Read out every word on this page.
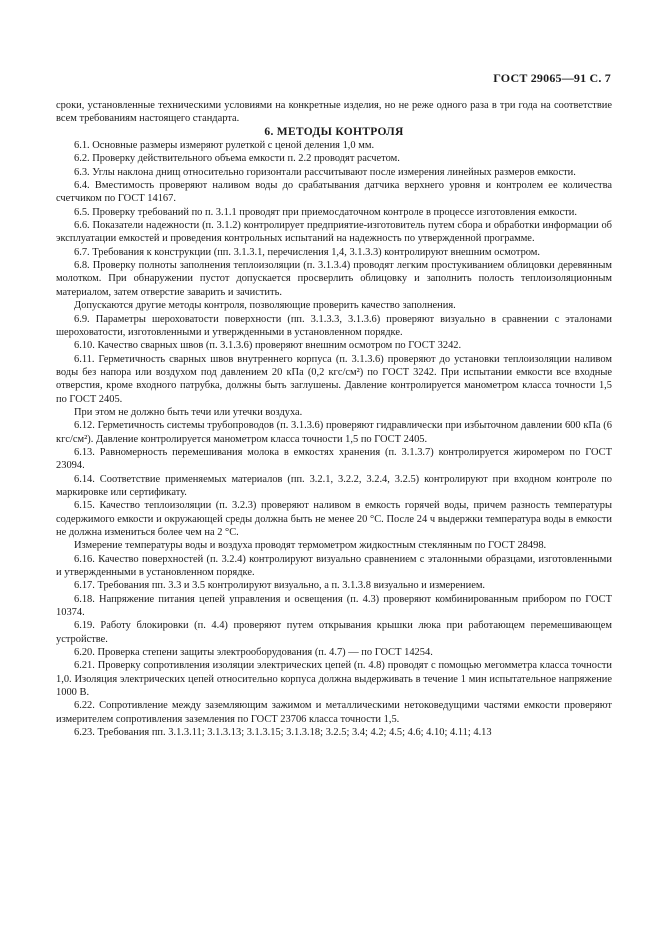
ГОСТ 29065—91 С. 7

сроки, установленные техническими условиями на конкретные изделия, но не реже одного раза в три года на соответствие всем требованиям настоящего стандарта.

6. МЕТОДЫ КОНТРОЛЯ

6.1. Основные размеры измеряют рулеткой с ценой деления 1,0 мм.

6.2. Проверку действительного объема емкости п. 2.2 проводят расчетом.

6.3. Углы наклона днищ относительно горизонтали рассчитывают после измерения линейных размеров емкости.

6.4. Вместимость проверяют наливом воды до срабатывания датчика верхнего уровня и контролем ее количества счетчиком по ГОСТ 14167.

6.5. Проверку требований по п. 3.1.1 проводят при приемосдаточном контроле в процессе изготовления емкости.

6.6. Показатели надежности (п. 3.1.2) контролирует предприятие-изготовитель путем сбора и обработки информации об эксплуатации емкостей и проведения контрольных испытаний на надежность по утвержденной программе.

6.7. Требования к конструкции (пп. 3.1.3.1, перечисления 1,4, 3.1.3.3) контролируют внешним осмотром.

6.8. Проверку полноты заполнения теплоизоляции (п. 3.1.3.4) проводят легким простукиванием облицовки деревянным молотком. При обнаружении пустот допускается просверлить облицовку и заполнить полость теплоизоляционным материалом, затем отверстие заварить и зачистить.

Допускаются другие методы контроля, позволяющие проверить качество заполнения.

6.9. Параметры шероховатости поверхности (пп. 3.1.3.3, 3.1.3.6) проверяют визуально в сравнении с эталонами шероховатости, изготовленными и утвержденными в установленном порядке.

6.10. Качество сварных швов (п. 3.1.3.6) проверяют внешним осмотром по ГОСТ 3242.

6.11. Герметичность сварных швов внутреннего корпуса (п. 3.1.3.6) проверяют до установки теплоизоляции наливом воды без напора или воздухом под давлением 20 кПа (0,2 кгс/см²) по ГОСТ 3242. При испытании емкости все входные отверстия, кроме входного патрубка, должны быть заглушены. Давление контролируется манометром класса точности 1,5 по ГОСТ 2405.

При этом не должно быть течи или утечки воздуха.

6.12. Герметичность системы трубопроводов (п. 3.1.3.6) проверяют гидравлически при избыточном давлении 600 кПа (6 кгс/см²). Давление контролируется манометром класса точности 1,5 по ГОСТ 2405.

6.13. Равномерность перемешивания молока в емкостях хранения (п. 3.1.3.7) контролируется жиромером по ГОСТ 23094.

6.14. Соответствие применяемых материалов (пп. 3.2.1, 3.2.2, 3.2.4, 3.2.5) контролируют при входном контроле по маркировке или сертификату.

6.15. Качество теплоизоляции (п. 3.2.3) проверяют наливом в емкость горячей воды, причем разность температуры содержимого емкости и окружающей среды должна быть не менее 20 °С. После 24 ч выдержки температура воды в емкости не должна измениться более чем на 2 °С.

Измерение температуры воды и воздуха проводят термометром жидкостным стеклянным по ГОСТ 28498.

6.16. Качество поверхностей (п. 3.2.4) контролируют визуально сравнением с эталонными образцами, изготовленными и утвержденными в установленном порядке.

6.17. Требования пп. 3.3 и 3.5 контролируют визуально, а п. 3.1.3.8 визуально и измерением.

6.18. Напряжение питания цепей управления и освещения (п. 4.3) проверяют комбинированным прибором по ГОСТ 10374.

6.19. Работу блокировки (п. 4.4) проверяют путем открывания крышки люка при работающем перемешивающем устройстве.

6.20. Проверка степени защиты электрооборудования (п. 4.7) — по ГОСТ 14254.

6.21. Проверку сопротивления изоляции электрических цепей (п. 4.8) проводят с помощью мегомметра класса точности 1,0. Изоляция электрических цепей относительно корпуса должна выдерживать в течение 1 мин испытательное напряжение 1000 В.

6.22. Сопротивление между заземляющим зажимом и металлическими нетоковедущими частями емкости проверяют измерителем сопротивления заземления по ГОСТ 23706 класса точности 1,5.

6.23. Требования пп. 3.1.3.11; 3.1.3.13; 3.1.3.15; 3.1.3.18; 3.2.5; 3.4; 4.2; 4.5; 4.6; 4.10; 4.11; 4.13
